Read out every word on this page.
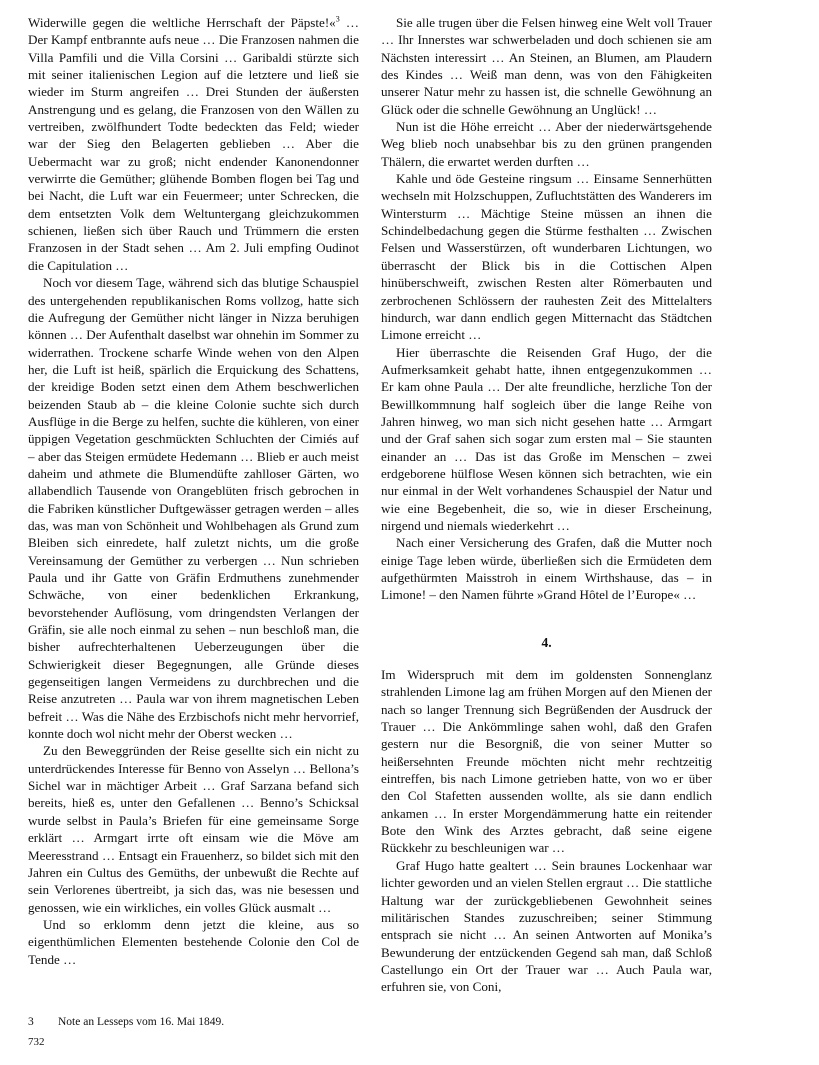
Widerwille gegen die weltliche Herrschaft der Päpste!«$^3$ … Der Kampf entbrannte aufs neue … Die Franzosen nahmen die Villa Pamfili und die Villa Corsini … Garibaldi stürzte sich mit seiner italienischen Legion auf die letztere und ließ sie wieder im Sturm angreifen … Drei Stunden der äußersten Anstrengung und es gelang, die Franzosen von den Wällen zu vertreiben, zwölfhundert Todte bedeckten das Feld; wieder war der Sieg den Belagerten geblieben … Aber die Uebermacht war zu groß; nicht endender Kanonendonner verwirrte die Gemüther; glühende Bomben flogen bei Tag und bei Nacht, die Luft war ein Feuermeer; unter Schrecken, die dem entsetzten Volk dem Weltuntergang gleichzukommen schienen, ließen sich über Rauch und Trümmern die ersten Franzosen in der Stadt sehen … Am 2. Juli empfing Oudinot die Capitulation …

Noch vor diesem Tage, während sich das blutige Schauspiel des untergehenden republikanischen Roms vollzog, hatte sich die Aufregung der Gemüther nicht länger in Nizza beruhigen können … Der Aufenthalt daselbst war ohnehin im Sommer zu widerrathen. Trockene scharfe Winde wehen von den Alpen her, die Luft ist heiß, spärlich die Erquickung des Schattens, der kreidige Boden setzt einen dem Athem beschwerlichen beizenden Staub ab – die kleine Colonie suchte sich durch Ausflüge in die Berge zu helfen, suchte die kühleren, von einer üppigen Vegetation geschmückten Schluchten der Cimiés auf – aber das Steigen ermüdete Hedemann … Blieb er auch meist daheim und athmete die Blumendüfte zahlloser Gärten, wo allabendlich Tausende von Orangeblüten frisch gebrochen in die Fabriken künstlicher Duftgewässer getragen werden – alles das, was man von Schönheit und Wohlbehagen als Grund zum Bleiben sich einredete, half zuletzt nichts, um die große Vereinsamung der Gemüther zu verbergen … Nun schrieben Paula und ihr Gatte von Gräfin Erdmuthens zunehmender Schwäche, von einer bedenklichen Erkrankung, bevorstehender Auflösung, vom dringendsten Verlangen der Gräfin, sie alle noch einmal zu sehen – nun beschloß man, die bisher aufrechterhaltenen Ueberzeugungen über die Schwierigkeit dieser Begegnungen, alle Gründe dieses gegenseitigen langen Vermeidens zu durchbrechen und die Reise anzutreten … Paula war von ihrem magnetischen Leben befreit … Was die Nähe des Erzbischofs nicht mehr hervorrief, konnte doch wol nicht mehr der Oberst wecken …

Zu den Beweggründen der Reise gesellte sich ein nicht zu unterdrückendes Interesse für Benno von Asselyn … Bellona’s Sichel war in mächtiger Arbeit … Graf Sarzana befand sich bereits, hieß es, unter den Gefallenen … Benno’s Schicksal wurde selbst in Paula’s Briefen für eine gemeinsame Sorge erklärt … Armgart irrte oft einsam wie die Möve am Meeresstrand … Entsagt ein Frauenherz, so bildet sich mit den Jahren ein Cultus des Gemüths, der unbewußt die Rechte auf sein Verlorenes übertreibt, ja sich das, was nie besessen und genossen, wie ein wirkliches, ein volles Glück ausmalt …

Und so erklomm denn jetzt die kleine, aus so eigenthümlichen Elementen bestehende Colonie den Col de Tende …

Sie alle trugen über die Felsen hinweg eine Welt voll Trauer … Ihr Innerstes war schwerbeladen und doch schienen sie am Nächsten interessirt … An Steinen, an Blumen, am Plaudern des Kindes … Weiß man denn, was von den Fähigkeiten unserer Natur mehr zu hassen ist, die schnelle Gewöhnung an Glück oder die schnelle Gewöhnung an Unglück! …

Nun ist die Höhe erreicht … Aber der niederwärtsgehende Weg blieb noch unabsehbar bis zu den grünen prangenden Thälern, die erwartet werden durften …

Kahle und öde Gesteine ringsum … Einsame Sennerhütten wechseln mit Holzschuppen, Zufluchtstätten des Wanderers im Wintersturm … Mächtige Steine müssen an ihnen die Schindelbedachung gegen die Stürme festhalten … Zwischen Felsen und Wasserstürzen, oft wunderbaren Lichtungen, wo überrascht der Blick bis in die Cottischen Alpen hinüberschweift, zwischen Resten alter Römerbauten und zerbrochenen Schlössern der rauhesten Zeit des Mittelalters hindurch, war dann endlich gegen Mitternacht das Städtchen Limone erreicht …

Hier überraschte die Reisenden Graf Hugo, der die Aufmerksamkeit gehabt hatte, ihnen entgegenzukommen … Er kam ohne Paula … Der alte freundliche, herzliche Ton der Bewillkommnung half sogleich über die lange Reihe von Jahren hinweg, wo man sich nicht gesehen hatte … Armgart und der Graf sahen sich sogar zum ersten mal – Sie staunten einander an … Das ist das Große im Menschen – zwei erdgeborene hülflose Wesen können sich betrachten, wie ein nur einmal in der Welt vorhandenes Schauspiel der Natur und wie eine Begebenheit, die so, wie in dieser Erscheinung, nirgend und niemals wiederkehrt …

Nach einer Versicherung des Grafen, daß die Mutter noch einige Tage leben würde, überließen sich die Ermüdeten dem aufgethürmten Maisstroh in einem Wirthshause, das – in Limone! – den Namen führte »Grand Hôtel de l’Europe« …

4.

Im Widerspruch mit dem im goldensten Sonnenglanz strahlenden Limone lag am frühen Morgen auf den Mienen der nach so langer Trennung sich Begrüßenden der Ausdruck der Trauer … Die Ankömmlinge sahen wohl, daß den Grafen gestern nur die Besorgniß, die von seiner Mutter so heißersehnten Freunde möchten nicht mehr rechtzeitig eintreffen, bis nach Limone getrieben hatte, von wo er über den Col Stafetten aussenden wollte, als sie dann endlich ankamen … In erster Morgendämmerung hatte ein reitender Bote den Wink des Arztes gebracht, daß seine eigene Rückkehr zu beschleunigen war …

Graf Hugo hatte gealtert … Sein braunes Lockenhaar war lichter geworden und an vielen Stellen ergraut … Die stattliche Haltung war der zurückgebliebenen Gewohnheit seines militärischen Standes zuzuschreiben; seiner Stimmung entsprach sie nicht … An seinen Antworten auf Monika’s Bewunderung der entzückenden Gegend sah man, daß Schloß Castellungo ein Ort der Trauer war … Auch Paula war, erfuhren sie, von Coni,

3 Note an Lesseps vom 16. Mai 1849.
732
